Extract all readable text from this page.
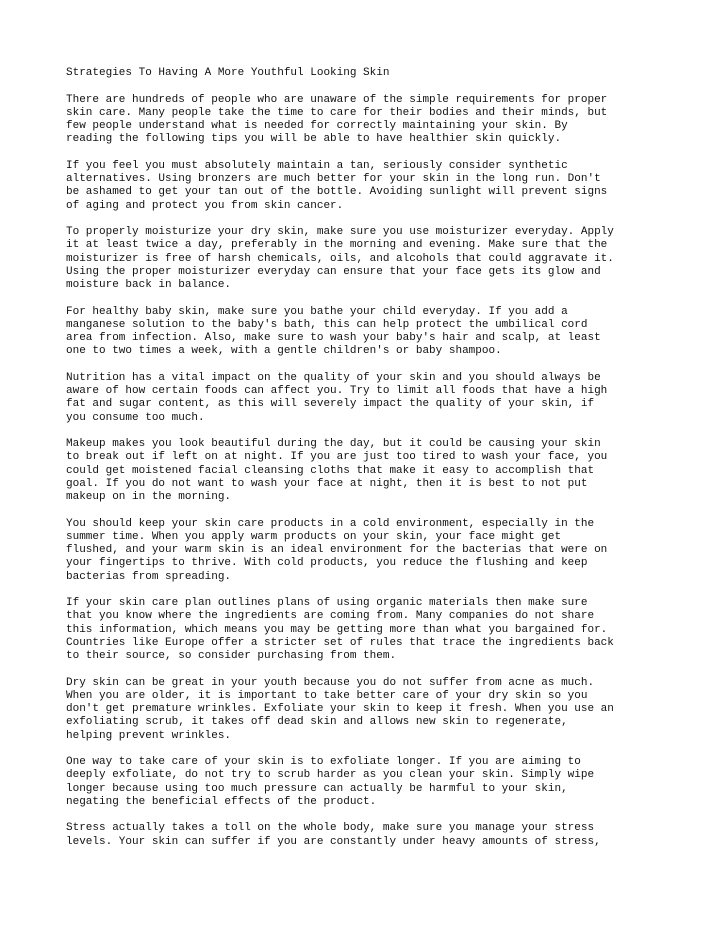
Strategies To Having A More Youthful Looking Skin
There are hundreds of people who are unaware of the simple requirements for proper
skin care. Many people take the time to care for their bodies and their minds, but
few people understand what is needed for correctly maintaining your skin. By
reading the following tips you will be able to have healthier skin quickly.
If you feel you must absolutely maintain a tan, seriously consider synthetic
alternatives. Using bronzers are much better for your skin in the long run. Don't
be ashamed to get your tan out of the bottle. Avoiding sunlight will prevent signs
of aging and protect you from skin cancer.
To properly moisturize your dry skin, make sure you use moisturizer everyday. Apply
it at least twice a day, preferably in the morning and evening. Make sure that the
moisturizer is free of harsh chemicals, oils, and alcohols that could aggravate it.
Using the proper moisturizer everyday can ensure that your face gets its glow and
moisture back in balance.
For healthy baby skin, make sure you bathe your child everyday. If you add a
manganese solution to the baby's bath, this can help protect the umbilical cord
area from infection. Also, make sure to wash your baby's hair and scalp, at least
one to two times a week, with a gentle children's or baby shampoo.
Nutrition has a vital impact on the quality of your skin and you should always be
aware of how certain foods can affect you. Try to limit all foods that have a high
fat and sugar content, as this will severely impact the quality of your skin, if
you consume too much.
Makeup makes you look beautiful during the day, but it could be causing your skin
to break out if left on at night. If you are just too tired to wash your face, you
could get moistened facial cleansing cloths that make it easy to accomplish that
goal. If you do not want to wash your face at night, then it is best to not put
makeup on in the morning.
You should keep your skin care products in a cold environment, especially in the
summer time. When you apply warm products on your skin, your face might get
flushed, and your warm skin is an ideal environment for the bacterias that were on
your fingertips to thrive. With cold products, you reduce the flushing and keep
bacterias from spreading.
If your skin care plan outlines plans of using organic materials then make sure
that you know where the ingredients are coming from. Many companies do not share
this information, which means you may be getting more than what you bargained for.
Countries like Europe offer a stricter set of rules that trace the ingredients back
to their source, so consider purchasing from them.
Dry skin can be great in your youth because you do not suffer from acne as much.
When you are older, it is important to take better care of your dry skin so you
don't get premature wrinkles. Exfoliate your skin to keep it fresh. When you use an
exfoliating scrub, it takes off dead skin and allows new skin to regenerate,
helping prevent wrinkles.
One way to take care of your skin is to exfoliate longer. If you are aiming to
deeply exfoliate, do not try to scrub harder as you clean your skin. Simply wipe
longer because using too much pressure can actually be harmful to your skin,
negating the beneficial effects of the product.
Stress actually takes a toll on the whole body, make sure you manage your stress
levels. Your skin can suffer if you are constantly under heavy amounts of stress,
